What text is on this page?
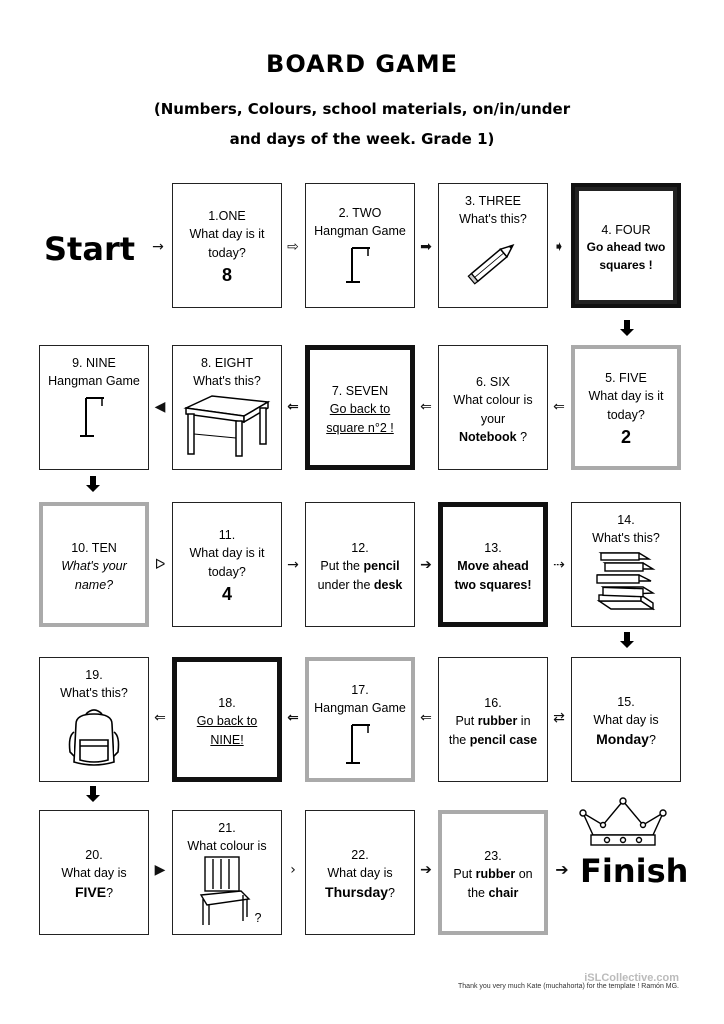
BOARD GAME
(Numbers, Colours, school materials, on/in/under
and days of the week. Grade 1)
Start →
1.ONE
What day is it
today?
8
⇨
2. TWO
Hangman Game
➡
3. THREE
What's this?
➧
4. FOUR
Go ahead two
squares !
5. FIVE
What day is it
today?
2
⇐
6. SIX
What colour is
your
Notebook ?
⇐
7. SEVEN
Go back to
square n°2 !
⇐
8. EIGHT
What's this?
◀
9. NINE
Hangman Game
10. TEN
What's your
name?
ᐅ
11.
What day is it
today?
4
→
12.
Put the pencil
under the desk
➔
13.
Move ahead
two squares!
⇢
14.
What's this?
15.
What day is
Monday?
⇄
16.
Put rubber in
the pencil case
⇐
17.
Hangman Game
⇐
18.
Go back to
NINE!
⇐
19.
What's this?
20.
What day is
FIVE?
▶
21.
What colour is
?
›
22.
What day is
Thursday?
➔
23.
Put rubber on
the chair
➔ Finish
iSLCollective.com
Thank you very much Kate (muchahorta) for the template ! Ramón MG.
